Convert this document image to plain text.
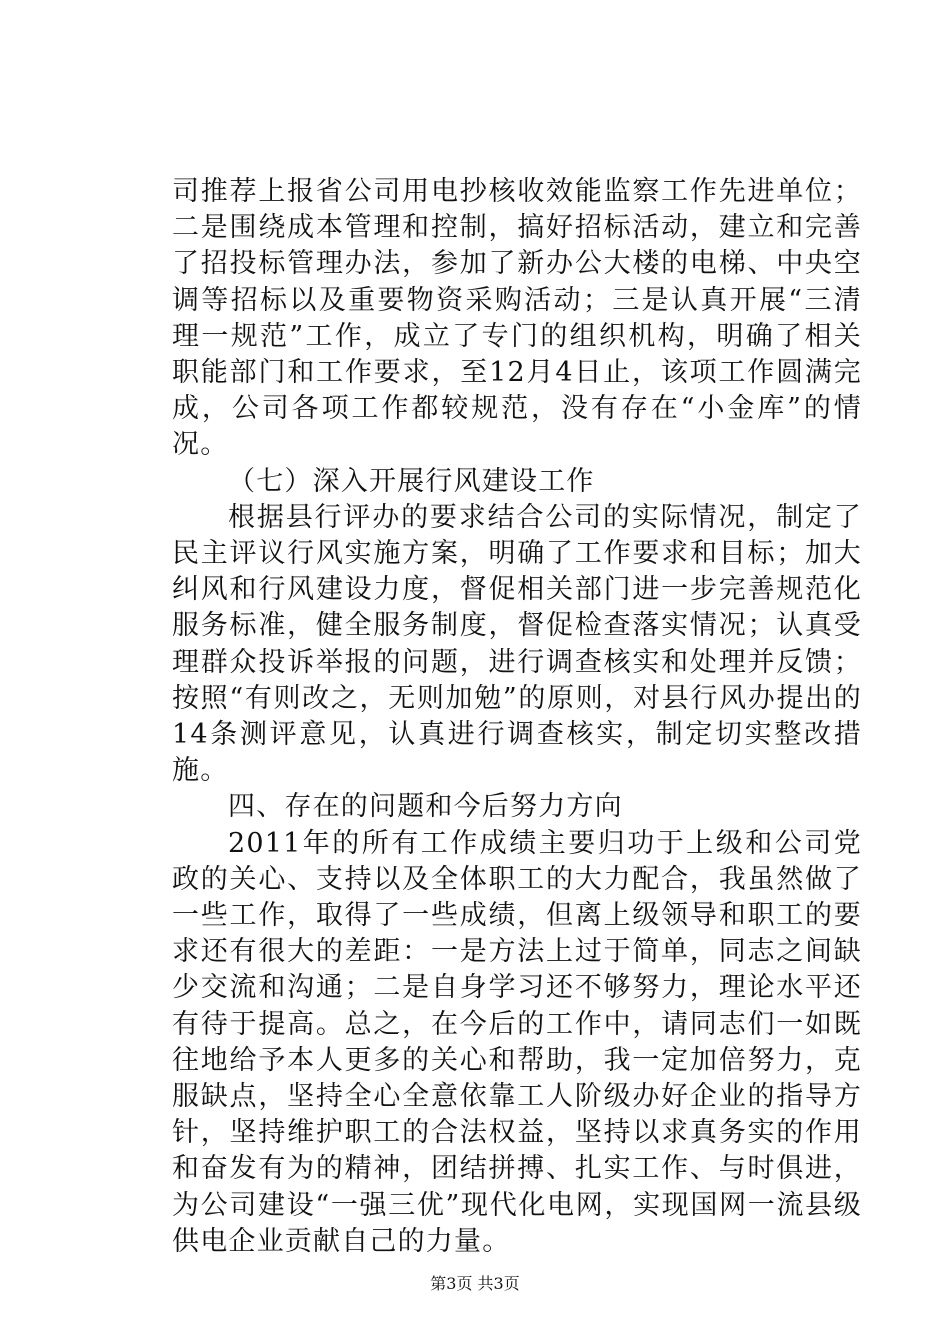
司推荐上报省公司用电抄核收效能监察工作先进单位；二是围绕成本管理和控制，搞好招标活动，建立和完善了招投标管理办法，参加了新办公大楼的电梯、中央空调等招标以及重要物资采购活动；三是认真开展“三清理一规范”工作，成立了专门的组织机构，明确了相关职能部门和工作要求，至12月4日止，该项工作圆满完成，公司各项工作都较规范，没有存在“小金库”的情况。

（七）深入开展行风建设工作

根据县行评办的要求结合公司的实际情况，制定了民主评议行风实施方案，明确了工作要求和目标；加大纠风和行风建设力度，督促相关部门进一步完善规范化服务标准，健全服务制度，督促检查落实情况；认真受理群众投诉举报的问题，进行调查核实和处理并反馈；按照“有则改之，无则加勉”的原则，对县行风办提出的14条测评意见，认真进行调查核实，制定切实整改措施。

四、存在的问题和今后努力方向

2011年的所有工作成绩主要归功于上级和公司党政的关心、支持以及全体职工的大力配合，我虽然做了一些工作，取得了一些成绩，但离上级领导和职工的要求还有很大的差距：一是方法上过于简单，同志之间缺少交流和沟通；二是自身学习还不够努力，理论水平还有待于提高。总之，在今后的工作中，请同志们一如既往地给予本人更多的关心和帮助，我一定加倍努力，克服缺点，坚持全心全意依靠工人阶级办好企业的指导方针，坚持维护职工的合法权益，坚持以求真务实的作用和奋发有为的精神，团结拼搏、扎实工作、与时俱进，为公司建设“一强三优”现代化电网，实现国网一流县级供电企业贡献自己的力量。

第3页 共3页
